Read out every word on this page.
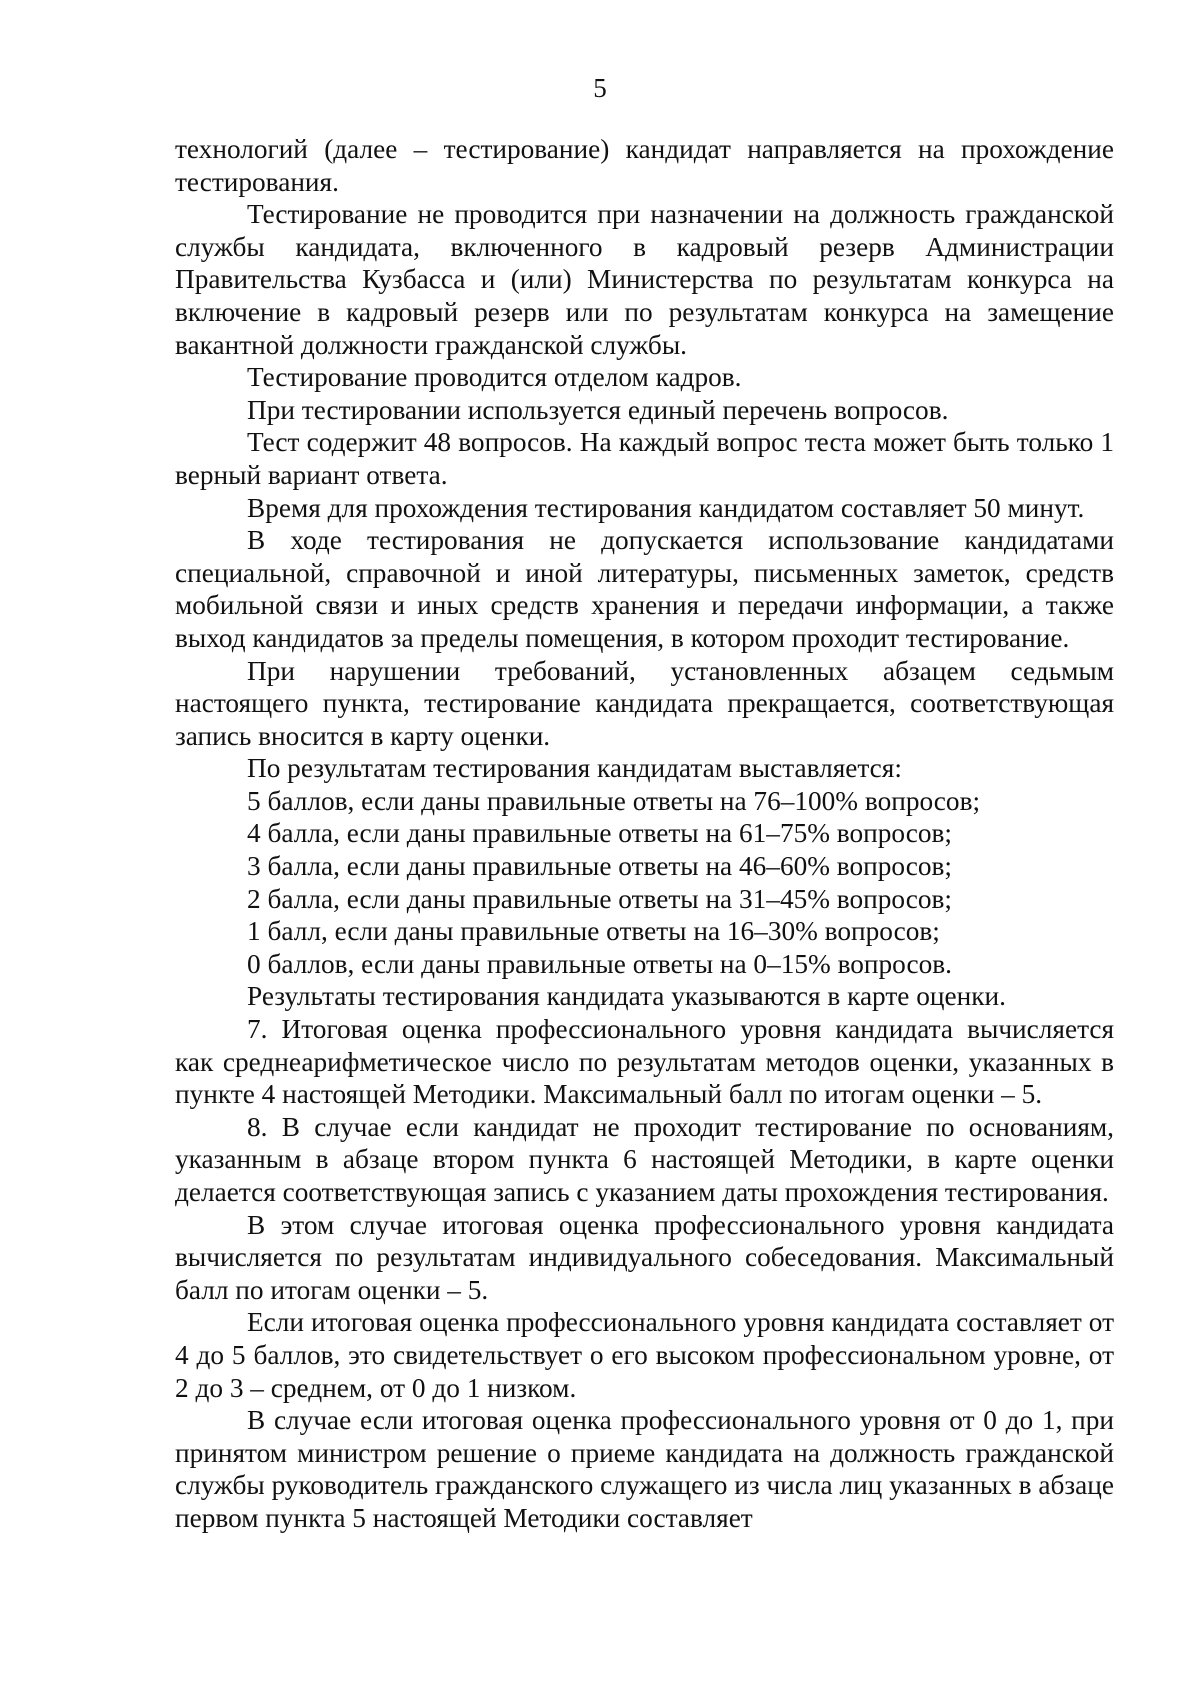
5

технологий (далее – тестирование) кандидат направляется на прохождение тестирования.

Тестирование не проводится при назначении на должность гражданской службы кандидата, включенного в кадровый резерв Администрации Правительства Кузбасса и (или) Министерства по результатам конкурса на включение в кадровый резерв или по результатам конкурса на замещение вакантной должности гражданской службы.

Тестирование проводится отделом кадров.

При тестировании используется единый перечень вопросов.

Тест содержит 48 вопросов. На каждый вопрос теста может быть только 1 верный вариант ответа.

Время для прохождения тестирования кандидатом составляет 50 минут.

В ходе тестирования не допускается использование кандидатами специальной, справочной и иной литературы, письменных заметок, средств мобильной связи и иных средств хранения и передачи информации, а также выход кандидатов за пределы помещения, в котором проходит тестирование.

При нарушении требований, установленных абзацем седьмым настоящего пункта, тестирование кандидата прекращается, соответствующая запись вносится в карту оценки.

По результатам тестирования кандидатам выставляется:

5 баллов, если даны правильные ответы на 76–100% вопросов;

4 балла, если даны правильные ответы на 61–75% вопросов;

3 балла, если даны правильные ответы на 46–60% вопросов;

2 балла, если даны правильные ответы на 31–45% вопросов;

1 балл, если даны правильные ответы на 16–30% вопросов;

0 баллов, если даны правильные ответы на 0–15% вопросов.

Результаты тестирования кандидата указываются в карте оценки.

7. Итоговая оценка профессионального уровня кандидата вычисляется как среднеарифметическое число по результатам методов оценки, указанных в пункте 4 настоящей Методики. Максимальный балл по итогам оценки – 5.

8. В случае если кандидат не проходит тестирование по основаниям, указанным в абзаце втором пункта 6 настоящей Методики, в карте оценки делается соответствующая запись с указанием даты прохождения тестирования.

В этом случае итоговая оценка профессионального уровня кандидата вычисляется по результатам индивидуального собеседования. Максимальный балл по итогам оценки – 5.

Если итоговая оценка профессионального уровня кандидата составляет от 4 до 5 баллов, это свидетельствует о его высоком профессиональном уровне, от 2 до 3 – среднем, от 0 до 1 низком.

В случае если итоговая оценка профессионального уровня от 0 до 1, при принятом министром решение о приеме кандидата на должность гражданской службы руководитель гражданского служащего из числа лиц указанных в абзаце первом пункта 5 настоящей Методики составляет
